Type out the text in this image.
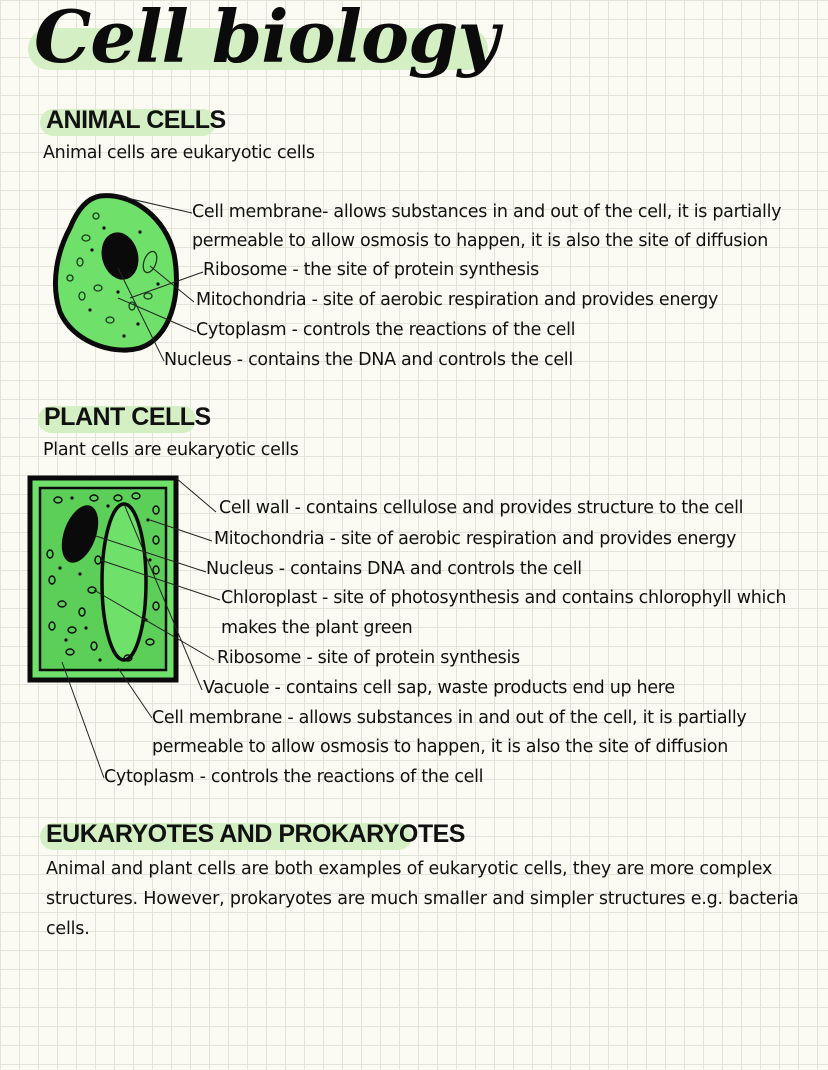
Cell biology
ANIMAL CELLS
Animal cells are eukaryotic cells
Cell membrane- allows substances in and out of the cell, it is partially
permeable to allow osmosis to happen, it is also the site of diffusion
Ribosome - the site of protein synthesis
Mitochondria - site of aerobic respiration and provides energy
Cytoplasm - controls the reactions of the cell
Nucleus - contains the DNA and controls the cell
PLANT CELLS
Plant cells are eukaryotic cells
Cell wall - contains cellulose and provides structure to the cell
Mitochondria - site of aerobic respiration and provides energy
Nucleus - contains DNA and controls the cell
Chloroplast - site of photosynthesis and contains chlorophyll which
makes the plant green
Ribosome - site of protein synthesis
Vacuole - contains cell sap, waste products end up here
Cell membrane - allows substances in and out of the cell, it is partially
permeable to allow osmosis to happen, it is also the site of diffusion
Cytoplasm - controls the reactions of the cell
EUKARYOTES AND PROKARYOTES
Animal and plant cells are both examples of eukaryotic cells, they are more complex structures. However, prokaryotes are much smaller and simpler structures e.g. bacteria cells.
